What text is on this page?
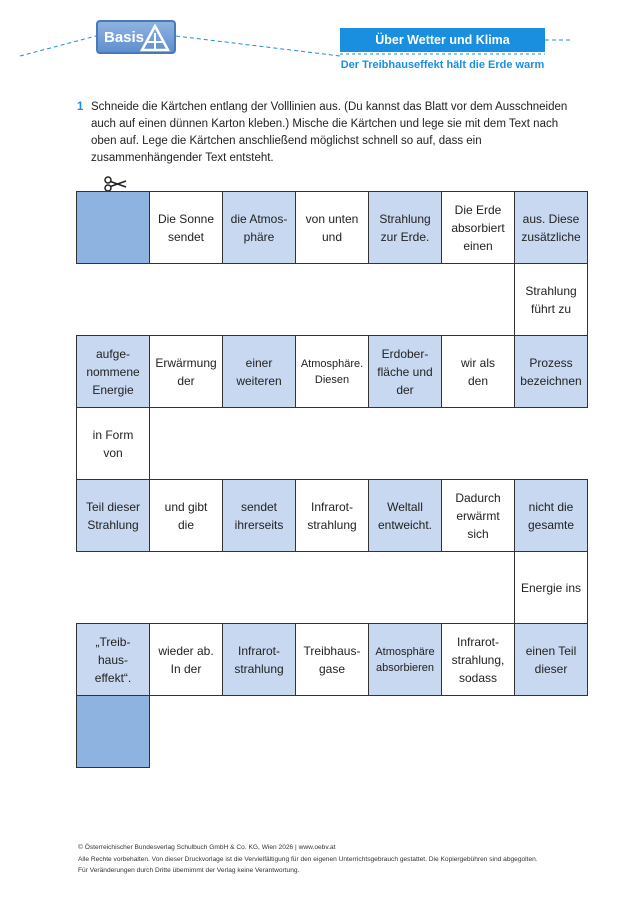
Basis	Über Wetter und Klima
Der Treibhauseffekt hält die Erde warm
1 Schneide die Kärtchen entlang der Volllinien aus. (Du kannst das Blatt vor dem Ausschneiden auch auf einen dünnen Karton kleben.) Mische die Kärtchen und lege sie mit dem Text nach oben auf. Lege die Kärtchen anschließend möglichst schnell so auf, dass ein zusammenhängender Text entsteht.
Die Sonne
sendet
die Atmos-
phäre
von unten
und
Strahlung
zur Erde.
Die Erde
absorbiert
einen
aus. Diese
zusätzliche
Strahlung
führt zu
aufge-
nommene
Energie
Erwärmung
der
einer
weiteren
Atmosphäre.
Diesen
Erdober-
fläche und
der
wir als
den
Prozess
bezeichnen
in Form
von
Teil dieser
Strahlung
und gibt
die
sendet
ihrerseits
Infrarot-
strahlung
Weltall
entweicht.
Dadurch
erwärmt
sich
nicht die
gesamte
Energie ins
„Treib-
haus-
effekt“.
wieder ab.
In der
Infrarot-
strahlung
Treibhaus-
gase
Atmosphäre
absorbieren
Infrarot-
strahlung,
sodass
einen Teil
dieser
© Österreichischer Bundesverlag Schulbuch GmbH & Co. KG, Wien 2026 | www.oebv.at
Alle Rechte vorbehalten. Von dieser Druckvorlage ist die Vervielfältigung für den eigenen Unterrichtsgebrauch gestattet. Die Kopiergebühren sind abgegolten.
Für Veränderungen durch Dritte übernimmt der Verlag keine Verantwortung.
